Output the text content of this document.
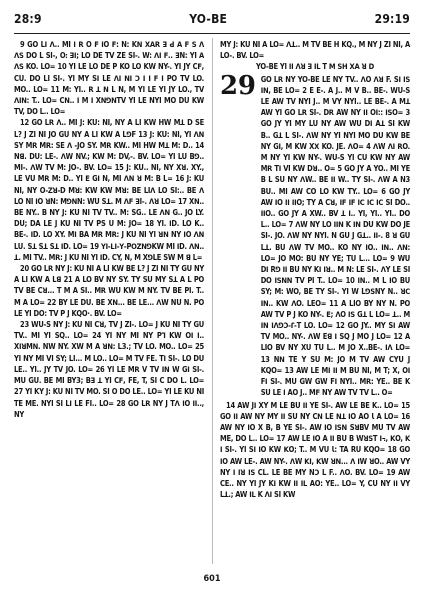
28:9	YO-BE	29:19

9 GO Lꓲ ꓥ.. MI ꓲ ꓣ O ꓝ ꓲO ꓝ: N: Kꓠ ꓫꓮꓣ ꓱ ꓒ ꓮ ꓝ ꓢ ꓥ ꓥꓢ DO L SI-, Oꓽ ꓱꓲ; LO DE TV ZE SI-. W: ꓥꓲ ꓝ.. ꓱN: YI ꓮ ꓥꓢ KO. LO= 10 YI LE LO DE P KO LO KW NY-. YI JY Cꓝ, CU. DO LI SI-. YI MY Sꓲ LE ꓥꓲ ꓠꓲ ꓛ ꓲ ꓲ ꓝ ꓲ PO TV LO. MO.. LO= 11 M: YI.. ꓣ ꓕ ꓠ L N, M YI LE YI JY LO., TV ꓥꓲꓠ: T.. LO= Cꓠ.. ꓲ M ꓲ XꓠꓨꓠTV YI LE NYI MO DU KW TV, DO L.. LO=

12 GO Lꓣ ꓥ.. MI J: KU: NI, NY A LI KW HW Mꓕ D SE L? J ZI NI JO GU NY A LI KW A LꓨF 13 J: KU: NI, YI ꓥꓠ SY Mꓣ Mꓣ: SE ꓥ -JO SY. Mꓣ KW.. MI HW Mꓕ M: D.. 14 Nꓭ. DU: LE-. ꓥW NV.; KW M: DV,-. BV. LO= YI LU Bꓨ.. MI-. ꓥW TV M: JO-. BV. LO= 15 J: KU.. NI, NY Xꓤ. XY., LE VU Mꓣ M: D.. YI ꓰ Gꓲ N, MI ꓥꓠ ꓤ M: B L= 16 J: KU NI, NY O-ꓜꓤ-D Mꓤ: KW KW Mꓤ: BE LIꓥ LO SI:.. BE ꓥ LO NI ꓲO ꓤN: MꓨꓠN: WU Sꓕ. M ꓥꓝ ꓱI-. ꓥꓤ LO= 17 Xꓠ.. BE NY.. B NY J: KU NI TV TV.. M: SG.. LE ꓥꓠ G.. JO LY. DU; DA LE J KU NI TV PS U M: JO= 18 YI. ꓲD. LO K.. BE-. ꓲD. LO XY. Mꓲ BA Mꓣ Mꓣ: J KU NI YI ꓤꓠ NY ꓲO ꓥꓠ LU. Sꓕ Sꓕ Sꓕ ꓲD. LO= 19 ꓬꓲ-ꓡꓲ-ꓬ-PꓳꓜꓠꓨKW MI ꓲD. ꓥꓠ.. ꓕ. MI TV.. Mꓣ: J KU NI YI ꓲD. CY, N, M XꓨLE SW M ꓭ L=

20 GO Lꓣ NY J: KU NI A LI KW BE L? J ZI NI TY GU NY A LI KW A Lꓭ 21 A LO BV NY SY. TY SU MY Sꓕ A L PO TV BE Cꓤ... T M A SI.. Mꓣ WU KW M NY. TV BE PI. T.. M A LO= 22 BY LE DU. BE Xꓠ... BE LE... ꓥW NU N. PO LE YI DO: TV P J KQO·. BV. LO=

23 WU-S NY J: KU NI Cꓤ, TV J ZI-. LO= J KU NI TY GU TV.. MI YI SQ.. LO= 24 YI NY MI NY Pꓶ KW Oꓲ ꓲ.. XꓲꓤMꓠ. NW NY. XW M A ꓤꓠ: L3.; TV LO. MO.. LO= 25 YI NY MI VI SY; LI... M LO.. LO= M TV FE. Tꓲ SI-. LO DU LE.. YI.. JY TV JO. LO= 26 YI LE Mꓣ V TV ꓲꓠ W Gꓲ SI-. MU GU. BE MI BY3; Bꓱ ꓕ YI Cꓝ, FE, T, SI C DO L. LO= 27 YI KY J: KU NI TV MO. SI O DO LE.. LO= YI LE KU NI TE ME. NYI SI Lꓲ LE FI.. LO= 28 GO Lꓣ NY J Tꓥ ꓲO ꓲꓲ.., NY

MY J: KU NI A LO= ꓥꓕ.. M TV BE H KQ., M NY J ZI NI, A LO-. BV. LO=

YO-BE YI ꓲꓲ ꓥꓤ ꓱ ꓲꓡ T ꓟ ꓢꓧ ꓫꓮ ꓤ ꓓ

29 GO Lꓣ NY YO-BE LE NY TV.. ꓥO ꓥꓤ F. Sꓲ ꓲꓢ ꓲꓠ, BE LO= 2 E E-. A J.. M V B.. BE-. WU-S LE AW TV NYI J.. M VY NYI.. LE BE-. A Mꓕ AW YI GO Lꓣ SI-. Dꓣ AW NY ꓲꓲ Oꓲ:: ꓲꓢO= 3 GO JY YI MY LU NY AW WU Dꓲ Aꓕ SI KW B.. Gꓕ L SI-. ꓥW NY YI NYI MO DU KW BE NY Gꓲ, M KW Xꓫ KO. JE. ꓥO= 4 ꓥW ꓥꓲ ꓣO. M NY YI KW NY-. WU-S YI CU KW NY AW Mꓣ Tꓲ VI KW Dꓤ.. O= 5 GO JY A YO.. MI YE B L SU NY ꓥW.. BE ꓲꓲ W.. TY SI-. ꓥW A N3 BU.. MI AW CO LO KW TY.. LO= 6 GO JY AW ꓲO ꓲꓲ ꓲꓲO; TY A Cꓤ, ꓲꓝ ꓲꓝ ꓲꓚ ꓲꓚ ꓲꓚ SI DO.. ꓲꓲO.. GO JY A XW.. BV ꓕ ꓲ.. YI, YI.. YI.. DO L.. LO= 7 ꓥW NY LO ꓲꓲꓠ K ꓲꓠ DU KW DO JE SI-. JO. ꓥW NY NYI. N GU J Gꓕ.. ꓲꓲ-. 8 ꓤ GU Lꓕ. BU ꓥW TV MO.. KO NY ꓲO.. ꓲꓠ.. ꓥꓠ: LO= JO MO: BU NY YE; TU L... LO= 9 WU Dꓲ Rꓨ ꓲꓲ BU NY Kꓲ ꓲꓤ.. M N: LE SI-. ꓥY LE SI DO ꓲꓢꓠꓠ TV PI T.. LO= 10 ꓲꓠ.. M L ꓲO BU SY; M: WO, BE TY SI-. YI W LꓨꓢNY N.. ꓤꓚ ꓲꓠ.. KW ꓥO. LEO= 11 A LIO BY NY N. PO AW TV P J KO NY-. ꓰ; ꓥO ꓲꓢ Gꓕ L LO= ꓕ.. M ꓲꓠ ꓲꓥꓨꓛ-ꓩ-T LO. LO= 12 GO JY.. MY Sꓲ AW TV MO.. NY-. ꓥW Eꓭ ꓲ SQ J MO J LO= 12 A LIO BV NY XU TU L.. M JO X..BE-. ꓲꓥ LO= 13 Nꓠ TE Y SU M: JO M TV AW CYU J KQO= 13 AW LE Mꓲ ꓲꓲ M BU NI, M T; X, Oꓲ Fꓲ SI-. MU GW GW Fꓲ NYI.. Mꓣ: YE.. BE K SU LE ꓲ AO J.. Mꓝ NY AW TV TV L.. O=

14 AW Jꓲ XY M LE BU ꓲꓲ YE SI-. AW LE BE K.. LO= 15 GO ꓲꓲ AW NY MY ꓲꓲ SU NY Cꓠ LE ꓠꓕ ꓲO AO Ꙇ A LO= 16 AW NY ꓲO X B, B YE SI-. AW ꓲO ꓲꓢꓠ SꓤBV MU TV AW ME, DO L.. LO= 17 AW LE ꓲO A ꓲꓲ BU B WꓤꓢT ꓲ꓾, ꓗO, ꓗ ꓲ SI-. YI Sꓲ ꓲO KW ꓗO; T.. M VU Ꙇ: TA RU KQO= 18 GO ꓲO AW LE-. AW NY-. ꓥW ꓗꓲ, ꓗW ꓤꓠ... ꓥ ꓲW ꓤO.. AW VY NY ꓲ ꓲꓤ ꓲꓢ CL. LE BE MY Nꓛ L F.. ꓥO. BV. LO= 19 AW CE.. NY YI JY Kꓲ KW ꓲꓲ ꓲꓡ AO: YE.. LO= Y, CU NY ꓲꓲ VY Lꓕ.; AW ꓲꓡ K ꓥꓲ SI KW

601
